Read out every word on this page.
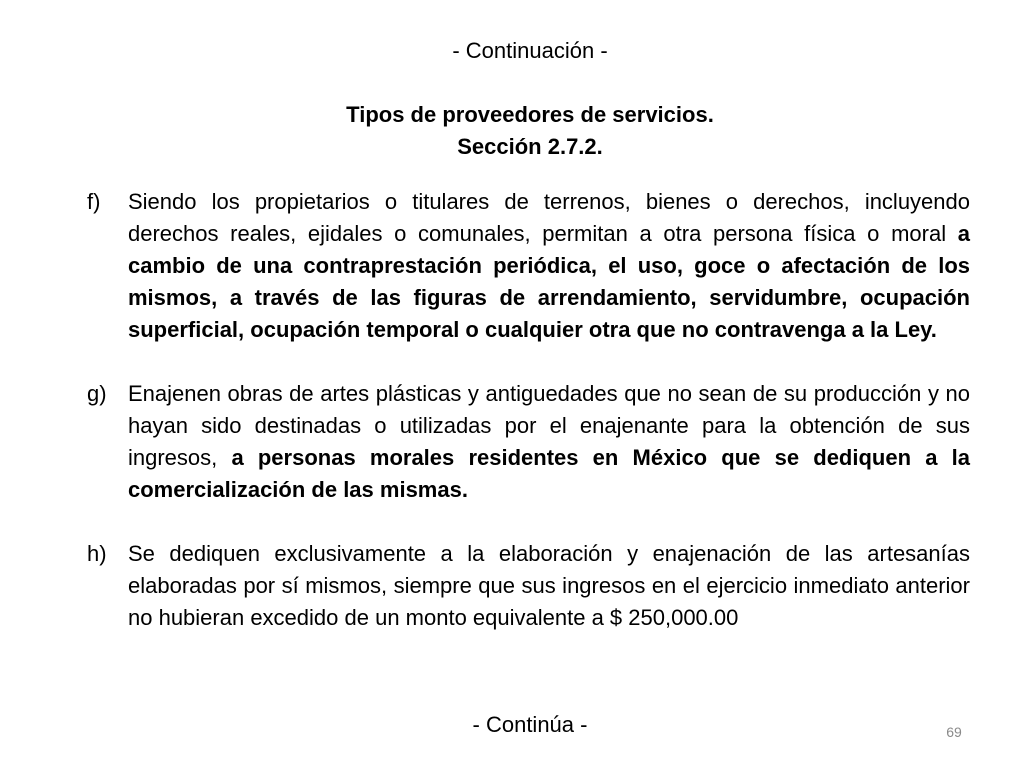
- Continuación -
Tipos de proveedores de servicios.
Sección 2.7.2.
f)	Siendo los propietarios o titulares de terrenos, bienes o derechos, incluyendo derechos reales, ejidales o comunales, permitan a otra persona física o moral a cambio de una contraprestación periódica, el uso, goce o afectación de los mismos, a través de las figuras de arrendamiento, servidumbre, ocupación superficial, ocupación temporal o cualquier otra que no contravenga a la Ley.
g) Enajenen obras de artes plásticas y antiguedades que no sean de su producción y no hayan sido destinadas o utilizadas por el enajenante para la obtención de sus ingresos, a personas morales residentes en México que se dediquen a la comercialización de las mismas.
h) Se dediquen exclusivamente a la elaboración y enajenación de las artesanías elaboradas por sí mismos, siempre que sus ingresos en el ejercicio inmediato anterior no hubieran excedido de un monto equivalente a $ 250,000.00
- Continúa -	69
